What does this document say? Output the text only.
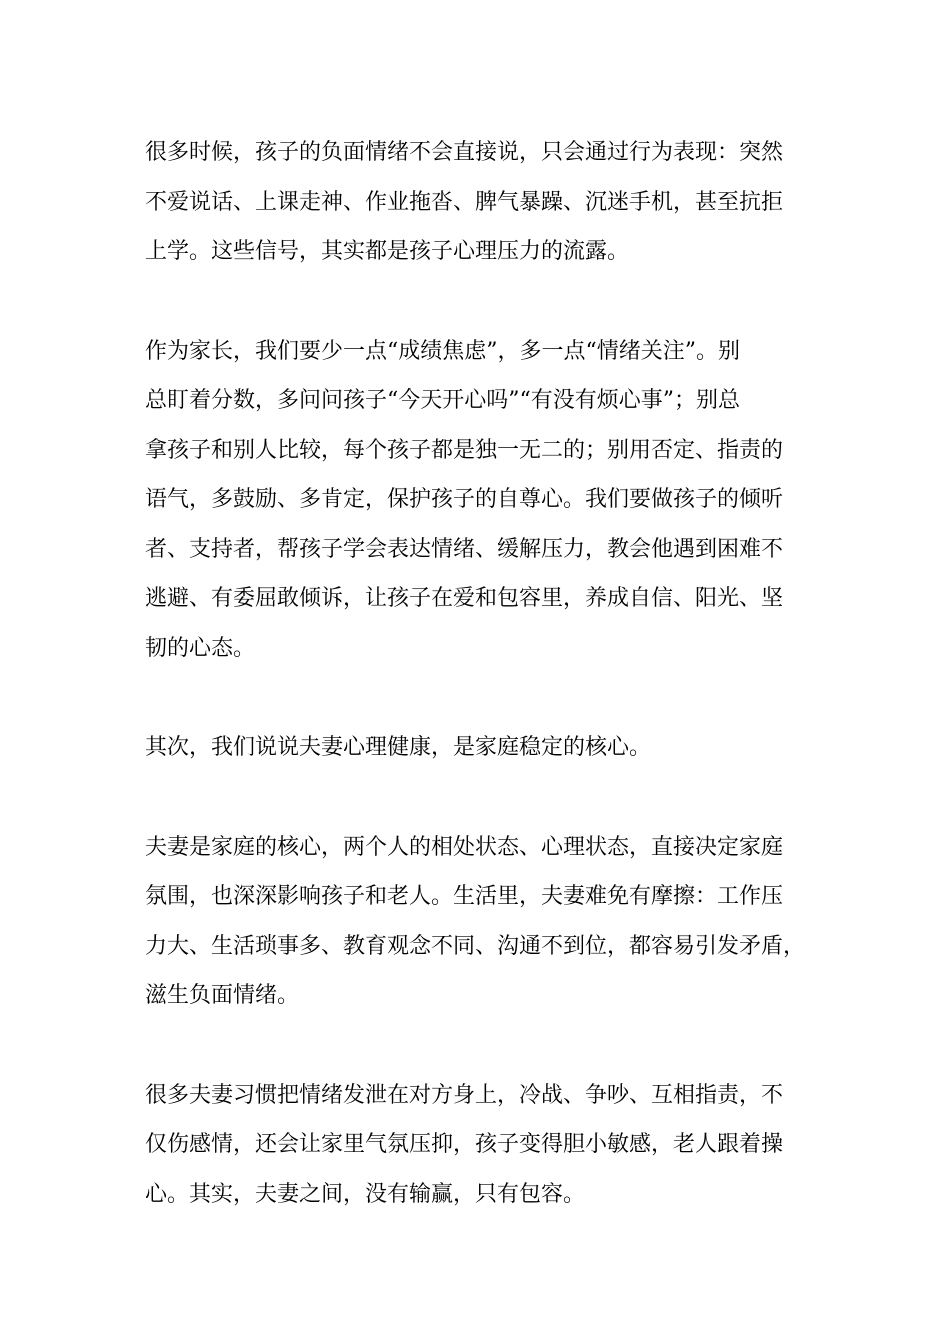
很多时候，孩子的负面情绪不会直接说，只会通过行为表现：突然
不爱说话、上课走神、作业拖沓、脾气暴躁、沉迷手机，甚至抗拒
上学。这些信号，其实都是孩子心理压力的流露。

作为家长，我们要少一点“成绩焦虑”，多一点“情绪关注”。别
总盯着分数，多问问孩子“今天开心吗”“有没有烦心事”；别总
拿孩子和别人比较，每个孩子都是独一无二的；别用否定、指责的
语气，多鼓励、多肯定，保护孩子的自尊心。我们要做孩子的倾听
者、支持者，帮孩子学会表达情绪、缓解压力，教会他遇到困难不
逃避、有委屈敢倾诉，让孩子在爱和包容里，养成自信、阳光、坚
韧的心态。

其次，我们说说夫妻心理健康，是家庭稳定的核心。

夫妻是家庭的核心，两个人的相处状态、心理状态，直接决定家庭
氛围，也深深影响孩子和老人。生活里，夫妻难免有摩擦：工作压
力大、生活琐事多、教育观念不同、沟通不到位，都容易引发矛盾，
滋生负面情绪。

很多夫妻习惯把情绪发泄在对方身上，冷战、争吵、互相指责，不
仅伤感情，还会让家里气氛压抑，孩子变得胆小敏感，老人跟着操
心。其实，夫妻之间，没有输赢，只有包容。
